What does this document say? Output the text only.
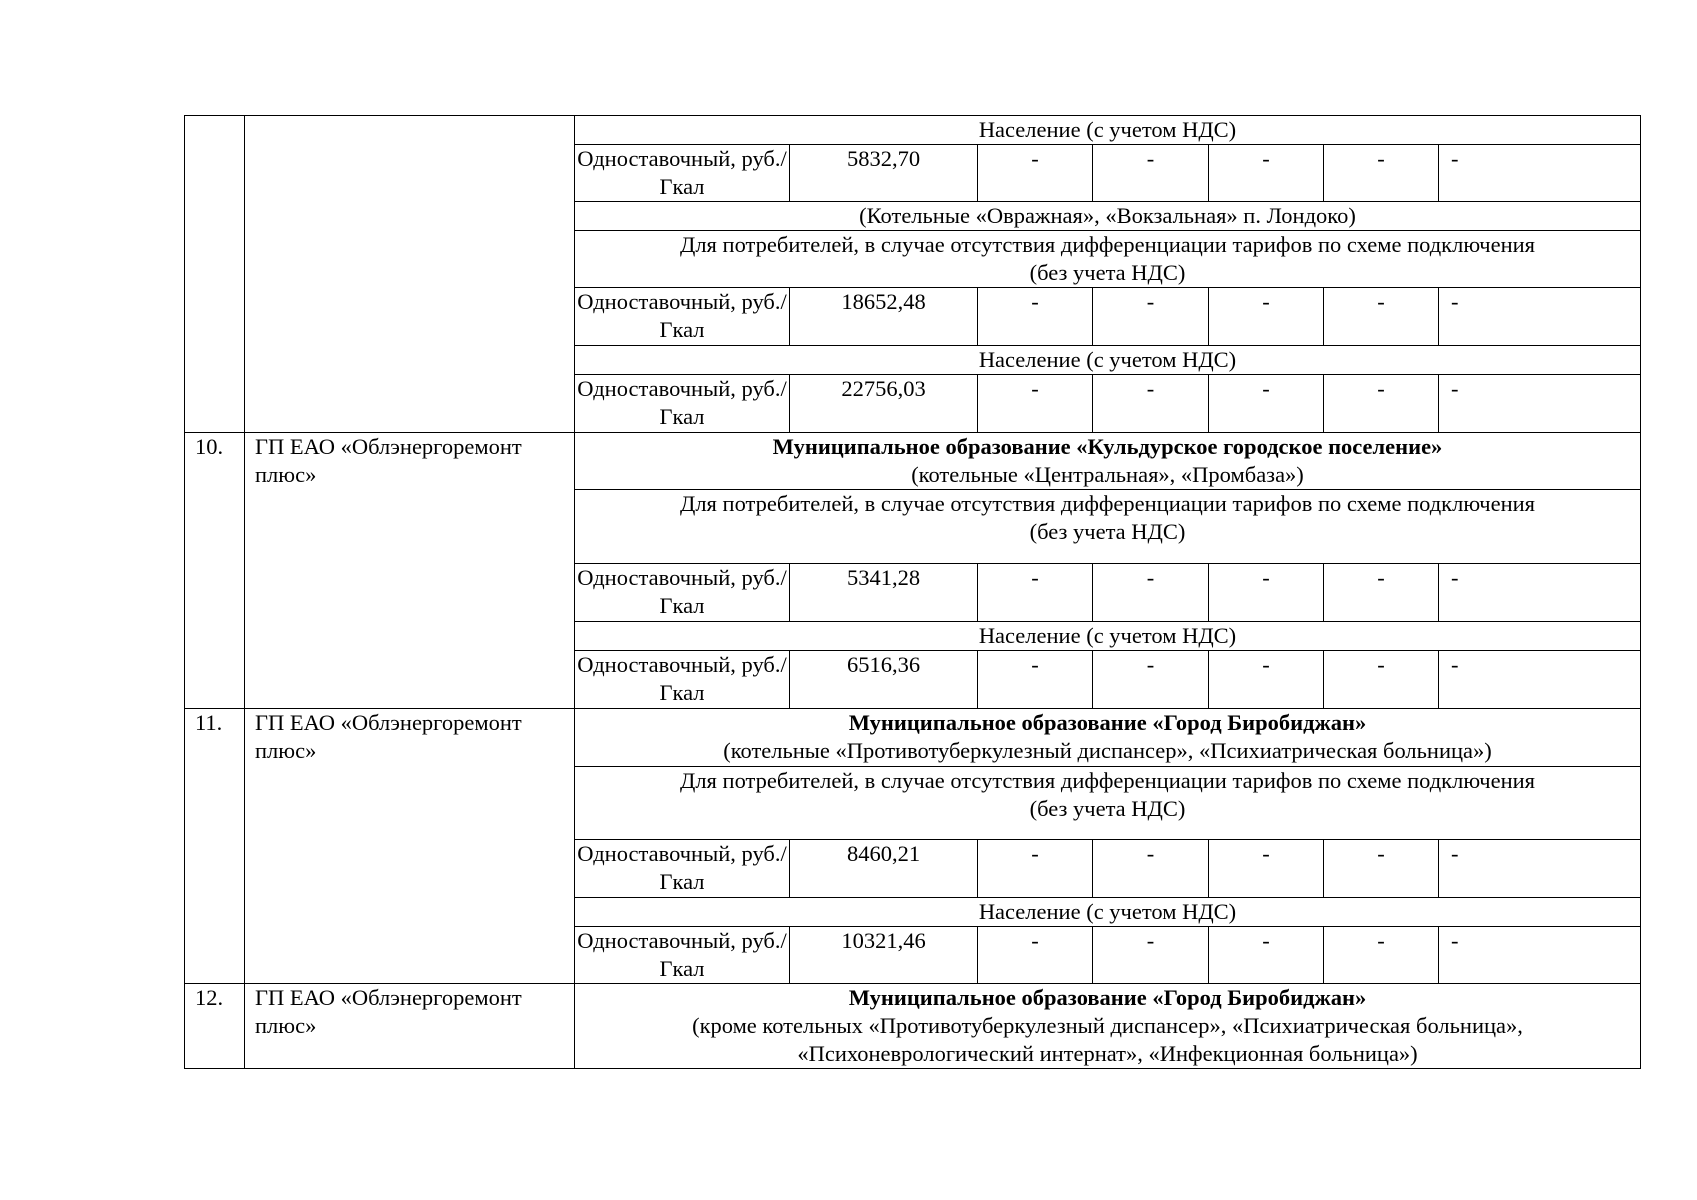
		Население (с учетом НДС)						

		Одноставочный, руб./Гкал	5832,70	-	-	-	-	-

		(Котельные «Овражная», «Вокзальная» п. Лондоко)						

		Для потребителей, в случае отсутствия дифференциации тарифов по схеме подключения
(без учета НДС)						

		Одноставочный, руб./Гкал	18652,48	-	-	-	-	-

		Население (с учетом НДС)						

		Одноставочный, руб./Гкал	22756,03	-	-	-	-	-
10.	ГП ЕАО «Облэнергоремонт плюс»	Муниципальное образование «Кульдурское городское поселение»
(котельные «Центральная», «Промбаза»)						

		Для потребителей, в случае отсутствия дифференциации тарифов по схеме подключения
(без учета НДС)						

		Одноставочный, руб./Гкал	5341,28	-	-	-	-	-

		Население (с учетом НДС)						

		Одноставочный, руб./Гкал	6516,36	-	-	-	-	-
11.	ГП ЕАО «Облэнергоремонт плюс»	Муниципальное образование «Город Биробиджан»
(котельные «Противотуберкулезный диспансер», «Психиатрическая больница»)						

		Для потребителей, в случае отсутствия дифференциации тарифов по схеме подключения
(без учета НДС)						

		Одноставочный, руб./Гкал	8460,21	-	-	-	-	-

		Население (с учетом НДС)						

		Одноставочный, руб./Гкал	10321,46	-	-	-	-	-
12.	ГП ЕАО «Облэнергоремонт плюс»	Муниципальное образование «Город Биробиджан»
(кроме котельных «Противотуберкулезный диспансер», «Психиатрическая больница»,
«Психоневрологический интернат», «Инфекционная больница»)						
